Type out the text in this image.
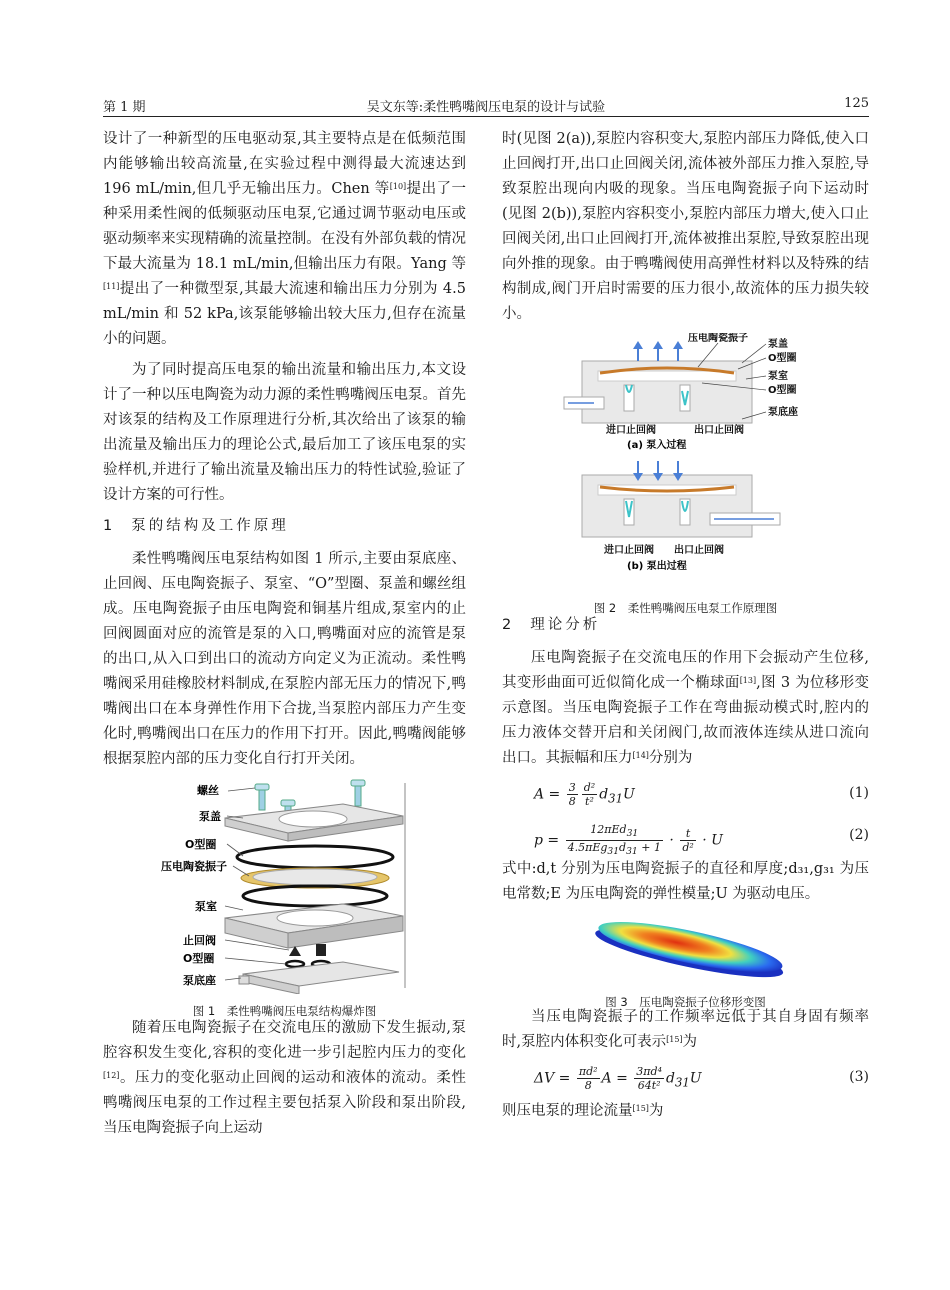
第 1 期	吴文东等:柔性鸭嘴阀压电泵的设计与试验	125

设计了一种新型的压电驱动泵,其主要特点是在低频范围内能够输出较高流量,在实验过程中测得最大流速达到 196 mL/min,但几乎无输出压力。Chen 等[10]提出了一种采用柔性阀的低频驱动压电泵,它通过调节驱动电压或驱动频率来实现精确的流量控制。在没有外部负载的情况下最大流量为 18.1 mL/min,但输出压力有限。Yang 等[11]提出了一种微型泵,其最大流速和输出压力分别为 4.5 mL/min 和 52 kPa,该泵能够输出较大压力,但存在流量小的问题。

为了同时提高压电泵的输出流量和输出压力,本文设计了一种以压电陶瓷为动力源的柔性鸭嘴阀压电泵。首先对该泵的结构及工作原理进行分析,其次给出了该泵的输出流量及输出压力的理论公式,最后加工了该压电泵的实验样机,并进行了输出流量及输出压力的特性试验,验证了设计方案的可行性。

1 泵的结构及工作原理

柔性鸭嘴阀压电泵结构如图 1 所示,主要由泵底座、止回阀、压电陶瓷振子、泵室、“O”型圈、泵盖和螺丝组成。压电陶瓷振子由压电陶瓷和铜基片组成,泵室内的止回阀圆面对应的流管是泵的入口,鸭嘴面对应的流管是泵的出口,从入口到出口的流动方向定义为正流动。柔性鸭嘴阀采用硅橡胶材料制成,在泵腔内部无压力的情况下,鸭嘴阀出口在本身弹性作用下合拢,当泵腔内部压力产生变化时,鸭嘴阀出口在压力的作用下打开。因此,鸭嘴阀能够根据泵腔内部的压力变化自行打开关闭。

螺丝
泵盖
O型圈
压电陶瓷振子
泵室
止回阀
O型圈
泵底座
图 1　柔性鸭嘴阀压电泵结构爆炸图

随着压电陶瓷振子在交流电压的激励下发生振动,泵腔容积发生变化,容积的变化进一步引起腔内压力的变化[12]。压力的变化驱动止回阀的运动和液体的流动。柔性鸭嘴阀压电泵的工作过程主要包括泵入阶段和泵出阶段,当压电陶瓷振子向上运动

时(见图 2(a)),泵腔内容积变大,泵腔内部压力降低,使入口止回阀打开,出口止回阀关闭,流体被外部压力推入泵腔,导致泵腔出现向内吸的现象。当压电陶瓷振子向下运动时(见图 2(b)),泵腔内容积变小,泵腔内部压力增大,使入口止回阀关闭,出口止回阀打开,流体被推出泵腔,导致泵腔出现向外推的现象。由于鸭嘴阀使用高弹性材料以及特殊的结构制成,阀门开启时需要的压力很小,故流体的压力损失较小。

压电陶瓷振子
泵盖
O型圈
泵室
O型圈
泵底座
进口止回阀	出口止回阀
(a) 泵入过程
进口止回阀 出口止回阀
(b) 泵出过程
图 2　柔性鸭嘴阀压电泵工作原理图
2 理论分析

压电陶瓷振子在交流电压的作用下会振动产生位移,其变形曲面可近似简化成一个椭球面[13],图 3 为位移形变示意图。当压电陶瓷振子工作在弯曲振动模式时,腔内的压力液体交替开启和关闭阀门,故而液体连续从进口流向出口。其振幅和压力[14]分别为

$A = \frac{3}{8} \frac{\text{d²}}{\text{t²}} d_{31}U$	(1)
$p = \frac{12\pi Ed_{31}}{4.5\pi Eg_{31}d_{31} + 1} \cdot \frac{t}{\text{d²}} \cdot U$	(2)

式中:d,t 分别为压电陶瓷振子的直径和厚度;d₃₁,g₃₁ 为压电常数;E 为压电陶瓷的弹性模量;U 为驱动电压。

图 3　压电陶瓷振子位移形变图

当压电陶瓷振子的工作频率远低于其自身固有频率时,泵腔内体积变化可表示[15]为

$\Delta V = \frac{\text{πd²}}{8}$ $A = \frac{\text{3πd⁴}}{\text{64t²}} d_{31}U$	(3)

则压电泵的理论流量[15]为
